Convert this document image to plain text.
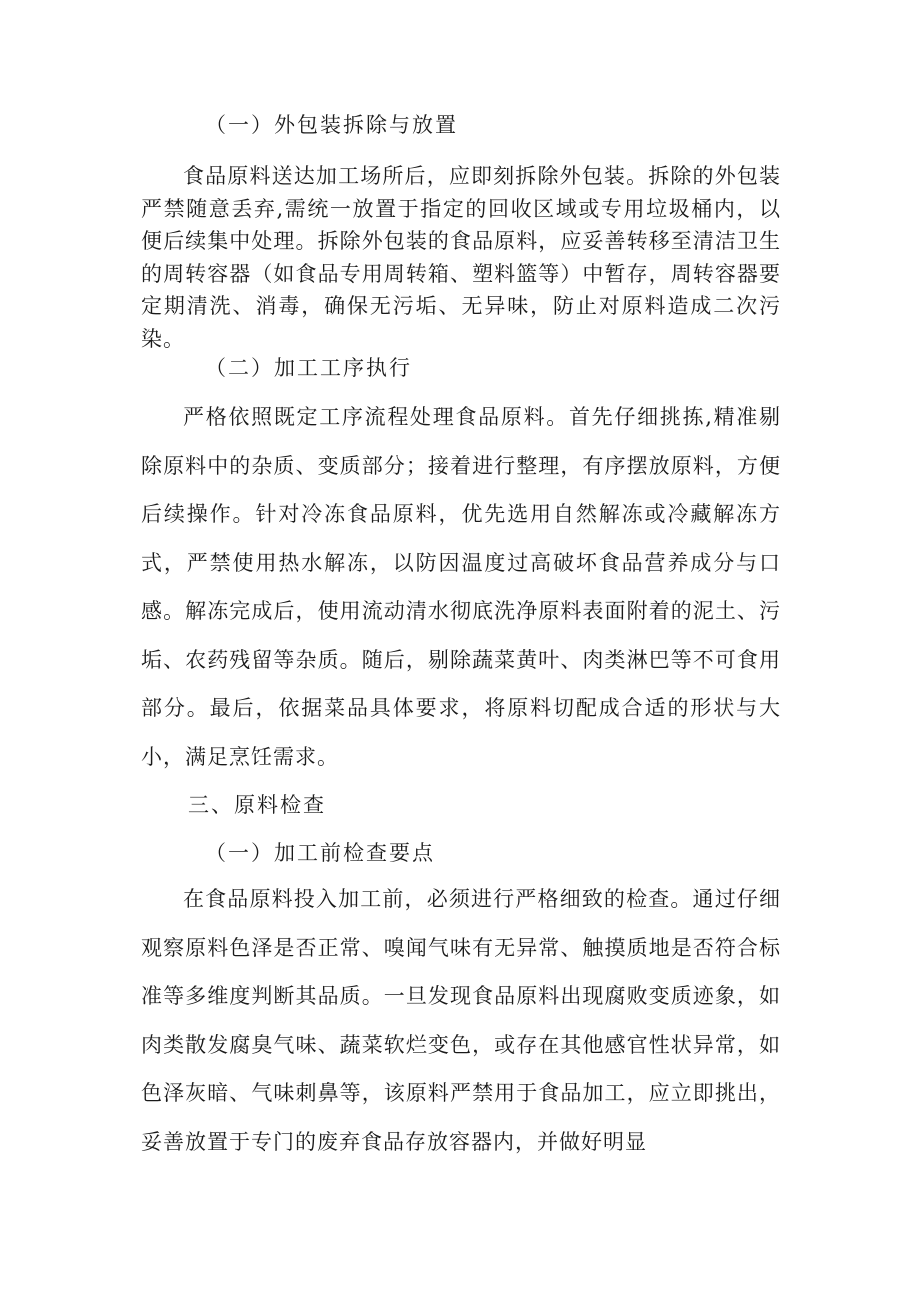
（一）外包装拆除与放置

食品原料送达加工场所后，应即刻拆除外包装。拆除的外包装严禁随意丢弃,需统一放置于指定的回收区域或专用垃圾桶内，以便后续集中处理。拆除外包装的食品原料，应妥善转移至清洁卫生的周转容器（如食品专用周转箱、塑料篮等）中暂存，周转容器要定期清洗、消毒，确保无污垢、无异味，防止对原料造成二次污染。

（二）加工工序执行

严格依照既定工序流程处理食品原料。首先仔细挑拣,精准剔除原料中的杂质、变质部分；接着进行整理，有序摆放原料，方便后续操作。针对冷冻食品原料，优先选用自然解冻或冷藏解冻方式，严禁使用热水解冻，以防因温度过高破坏食品营养成分与口感。解冻完成后，使用流动清水彻底洗净原料表面附着的泥土、污垢、农药残留等杂质。随后，剔除蔬菜黄叶、肉类淋巴等不可食用部分。最后，依据菜品具体要求，将原料切配成合适的形状与大小，满足烹饪需求。

三、原料检查
（一）加工前检查要点

在食品原料投入加工前，必须进行严格细致的检查。通过仔细观察原料色泽是否正常、嗅闻气味有无异常、触摸质地是否符合标准等多维度判断其品质。一旦发现食品原料出现腐败变质迹象，如肉类散发腐臭气味、蔬菜软烂变色，或存在其他感官性状异常，如色泽灰暗、气味刺鼻等，该原料严禁用于食品加工，应立即挑出，妥善放置于专门的废弃食品存放容器内，并做好明显
